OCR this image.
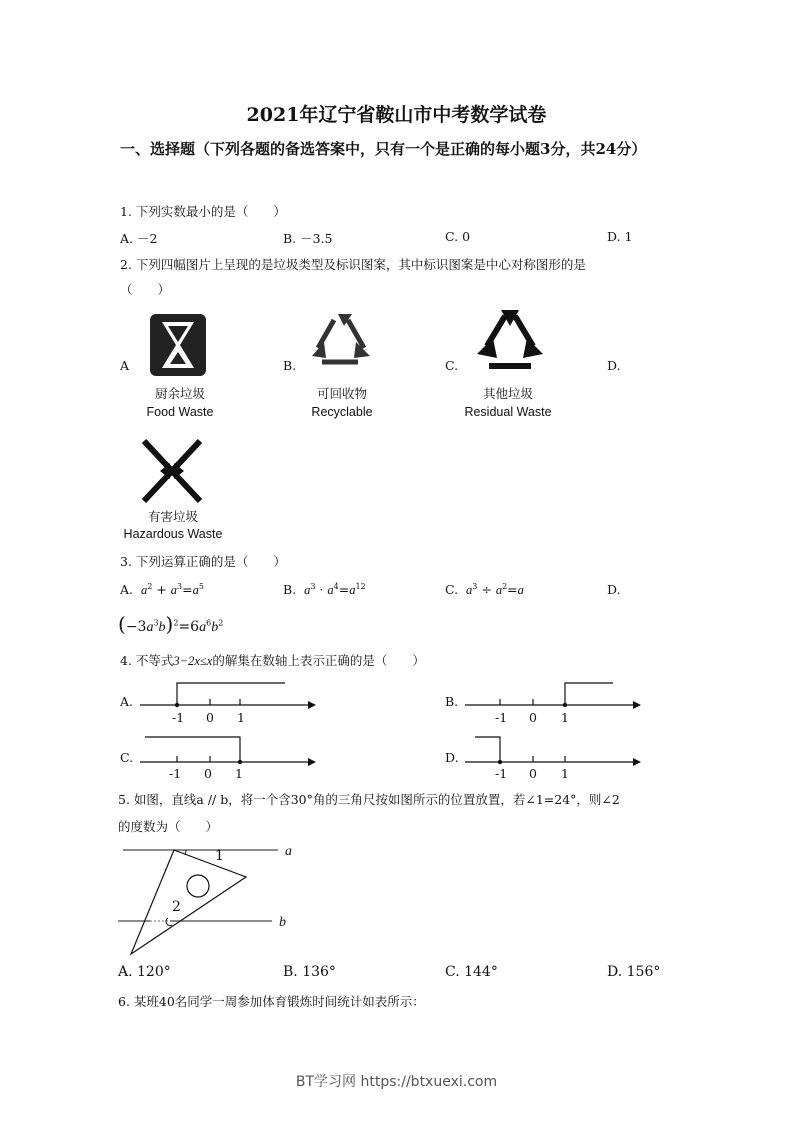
2021年辽宁省鞍山市中考数学试卷
一、选择题（下列各题的备选答案中，只有一个是正确的每小题3分，共24分）
1. 下列实数最小的是（　　）
A. －2	B. －3.5	C. 0	D. 1
2. 下列四幅图片上呈现的是垃圾类型及标识图案，其中标识图案是中心对称图形的是
（　　）
A	B.	C.	D.
厨余垃圾
Food Waste
可回收物
Recyclable
其他垃圾
Residual Waste
有害垃圾
Hazardous Waste
3. 下列运算正确的是（　　）
A. $a^2 + a^3=a^5$	B. $a^3 \cdot a^4=a^{12}$	C. $a^3 \div a^2=a$	D.
$(-3a^3b)^2=6a^6b^2$
4. 不等式3−2x≤x的解集在数轴上表示正确的是（　　）
A.	B.
C.	D.
-1 0 1	-1 0 1
-1 0 1	-1 0 1
5. 如图，直线a // b，将一个含30°角的三角尺按如图所示的位置放置，若∠1=24°，则∠2
的度数为（　　）
a
b
1
2
A. 120°	B. 136°	C. 144°	D. 156°
6. 某班40名同学一周参加体育锻炼时间统计如表所示：
BT学习网 https://btxuexi.com
